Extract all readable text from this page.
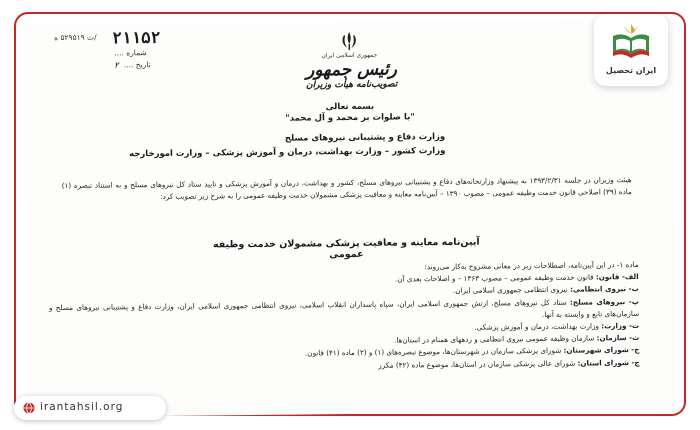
۲۱۱۵۲
/ت ۵۲۹۵۱۹ ه
شماره ....
تاریخ .... ۲
جمهوری اسلامی ایران
رئیس جمهور
تصویب‌نامه هیأت وزیران
بسمه تعالی
"با صلوات بر محمد و آل محمد"
وزارت دفاع و پشتیبانی نیروهای مسلح
وزارت کشور – وزارت بهداشت، درمان و آموزش پزشکی – وزارت امورخارجه

هیئت وزیران در جلسه ۱۳۹۳/۲/۳۱ به پیشنهاد وزارتخانه‌های دفاع و پشتیبانی نیروهای مسلح، کشور و بهداشت، درمان و آموزش پزشکی و تایید ستاد کل نیروهای مسلح و به استناد تبصره (۱) ماده (۳۹) اصلاحی قانون خدمت وظیفه عمومی – مصوب ۱۳۹۰ – آیین‌نامه معاینه و معافیت پزشکی مشمولان خدمت وظیفه عمومی را به شرح زیر تصویب کرد:

آیین‌نامه معاینه و معافیت پزشکی مشمولان خدمت وظیفه عمومی

ماده ۱- در این آیین‌نامه، اصطلاحات زیر در معانی مشروح به‌کار می‌روند:

الف- قانون: قانون خدمت وظیفه عمومی – مصوب ۱۳۶۳ – و اصلاحات بعدی آن.

ب- نیروی انتظامی: نیروی انتظامی جمهوری اسلامی ایران.

پ- نیروهای مسلح: ستاد کل نیروهای مسلح، ارتش جمهوری اسلامی ایران، سپاه پاسداران انقلاب اسلامی، نیروی انتظامی جمهوری اسلامی ایران، وزارت دفاع و پشتیبانی نیروهای مسلح و سازمان‌های تابع و وابسته به آنها.

ت- وزارت: وزارت بهداشت، درمان و آموزش پزشکی.

ث- سازمان: سازمان وظیفه عمومی نیروی انتظامی و ردههای همنام در استان‌ها.

ج- شورای شهرستان: شورای پزشکی سازمان در شهرستان‌ها، موضوع تبصره‌های (۱) و (۲) ماده (۴۱) قانون.

چ- شورای استان: شورای عالی پزشکی سازمان در استان‌ها، موضوع ماده (۴۲) مکرر

ایران تحصیل
irantahsil.org
